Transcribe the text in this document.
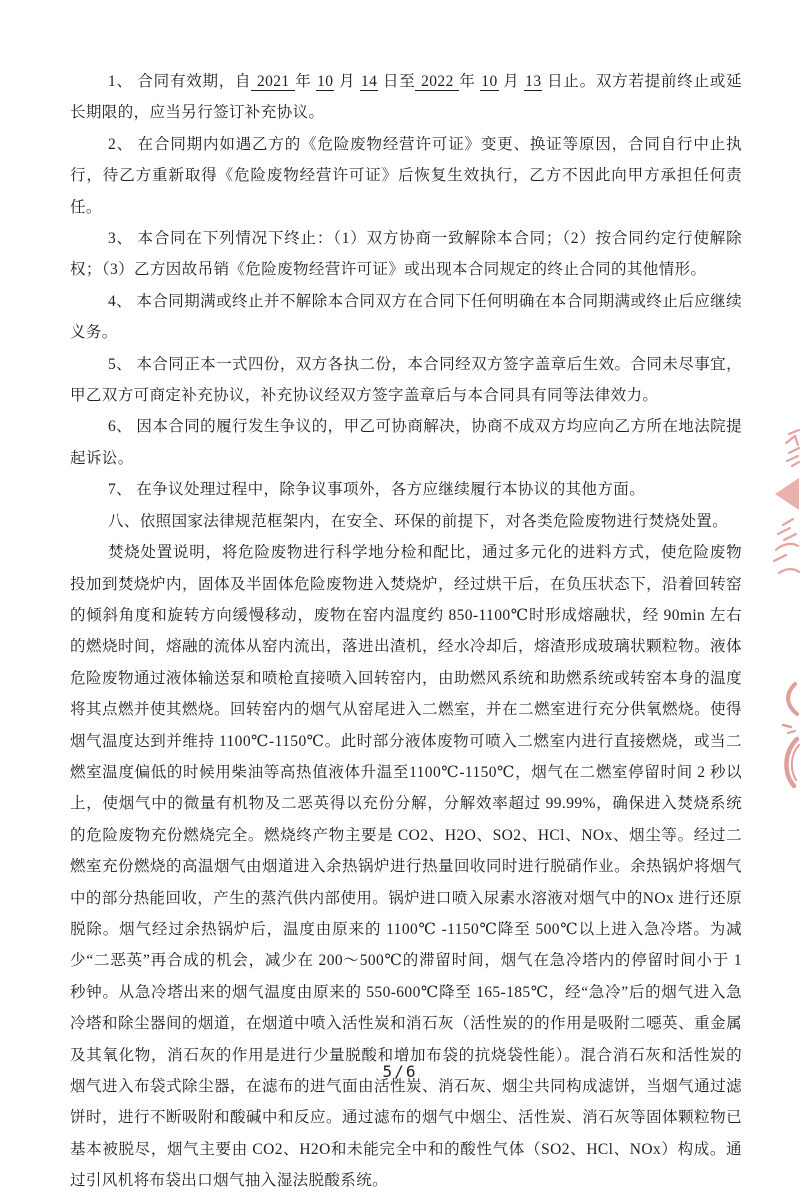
1、 合同有效期，自 2021 年 10 月 14 日至 2022 年 10 月 13 日止。双方若提前终止或延长期限的，应当另行签订补充协议。

2、 在合同期内如遇乙方的《危险废物经营许可证》变更、换证等原因，合同自行中止执行，待乙方重新取得《危险废物经营许可证》后恢复生效执行，乙方不因此向甲方承担任何责任。

3、 本合同在下列情况下终止：（1）双方协商一致解除本合同；（2）按合同约定行使解除权；（3）乙方因故吊销《危险废物经营许可证》或出现本合同规定的终止合同的其他情形。

4、 本合同期满或终止并不解除本合同双方在合同下任何明确在本合同期满或终止后应继续义务。

5、 本合同正本一式四份，双方各执二份，本合同经双方签字盖章后生效。合同未尽事宜，甲乙双方可商定补充协议，补充协议经双方签字盖章后与本合同具有同等法律效力。

6、 因本合同的履行发生争议的，甲乙可协商解决，协商不成双方均应向乙方所在地法院提起诉讼。

7、 在争议处理过程中，除争议事项外，各方应继续履行本协议的其他方面。

八、依照国家法律规范框架内，在安全、环保的前提下，对各类危险废物进行焚烧处置。

焚烧处置说明，将危险废物进行科学地分检和配比，通过多元化的进料方式，使危险废物投加到焚烧炉内，固体及半固体危险废物进入焚烧炉，经过烘干后，在负压状态下，沿着回转窑的倾斜角度和旋转方向缓慢移动，废物在窑内温度约 850-1100℃时形成熔融状，经 90min 左右的燃烧时间，熔融的流体从窑内流出，落进出渣机，经水冷却后，熔渣形成玻璃状颗粒物。液体危险废物通过液体输送泵和喷枪直接喷入回转窑内，由助燃风系统和助燃系统或转窑本身的温度将其点燃并使其燃烧。回转窑内的烟气从窑尾进入二燃室，并在二燃室进行充分供氧燃烧。使得烟气温度达到并维持 1100℃-1150℃。此时部分液体废物可喷入二燃室内进行直接燃烧，或当二燃室温度偏低的时候用柴油等高热值液体升温至1100℃-1150℃，烟气在二燃室停留时间 2 秒以上，使烟气中的微量有机物及二恶英得以充份分解，分解效率超过 99.99%，确保进入焚烧系统的危险废物充份燃烧完全。燃烧终产物主要是 CO2、H2O、SO2、HCl、NOx、烟尘等。经过二燃室充份燃烧的高温烟气由烟道进入余热锅炉进行热量回收同时进行脱硝作业。余热锅炉将烟气中的部分热能回收，产生的蒸汽供内部使用。锅炉进口喷入尿素水溶液对烟气中的NOx 进行还原脱除。烟气经过余热锅炉后，温度由原来的 1100℃ -1150℃降至 500℃以上进入急冷塔。为减少“二恶英”再合成的机会，减少在 200～500℃的滞留时间，烟气在急冷塔内的停留时间小于 1 秒钟。从急冷塔出来的烟气温度由原来的 550-600℃降至 165-185℃，经“急冷”后的烟气进入急冷塔和除尘器间的烟道，在烟道中喷入活性炭和消石灰（活性炭的的作用是吸附二噁英、重金属及其氧化物，消石灰的作用是进行少量脱酸和增加布袋的抗烧袋性能）。混合消石灰和活性炭的烟气进入布袋式除尘器，在滤布的进气面由活性炭、消石灰、烟尘共同构成滤饼，当烟气通过滤饼时，进行不断吸附和酸碱中和反应。通过滤布的烟气中烟尘、活性炭、消石灰等固体颗粒物已基本被脱尽，烟气主要由 CO2、H2O和未能完全中和的酸性气体（SO2、HCl、NOx）构成。通过引风机将布袋出口烟气抽入湿法脱酸系统。

5/6
